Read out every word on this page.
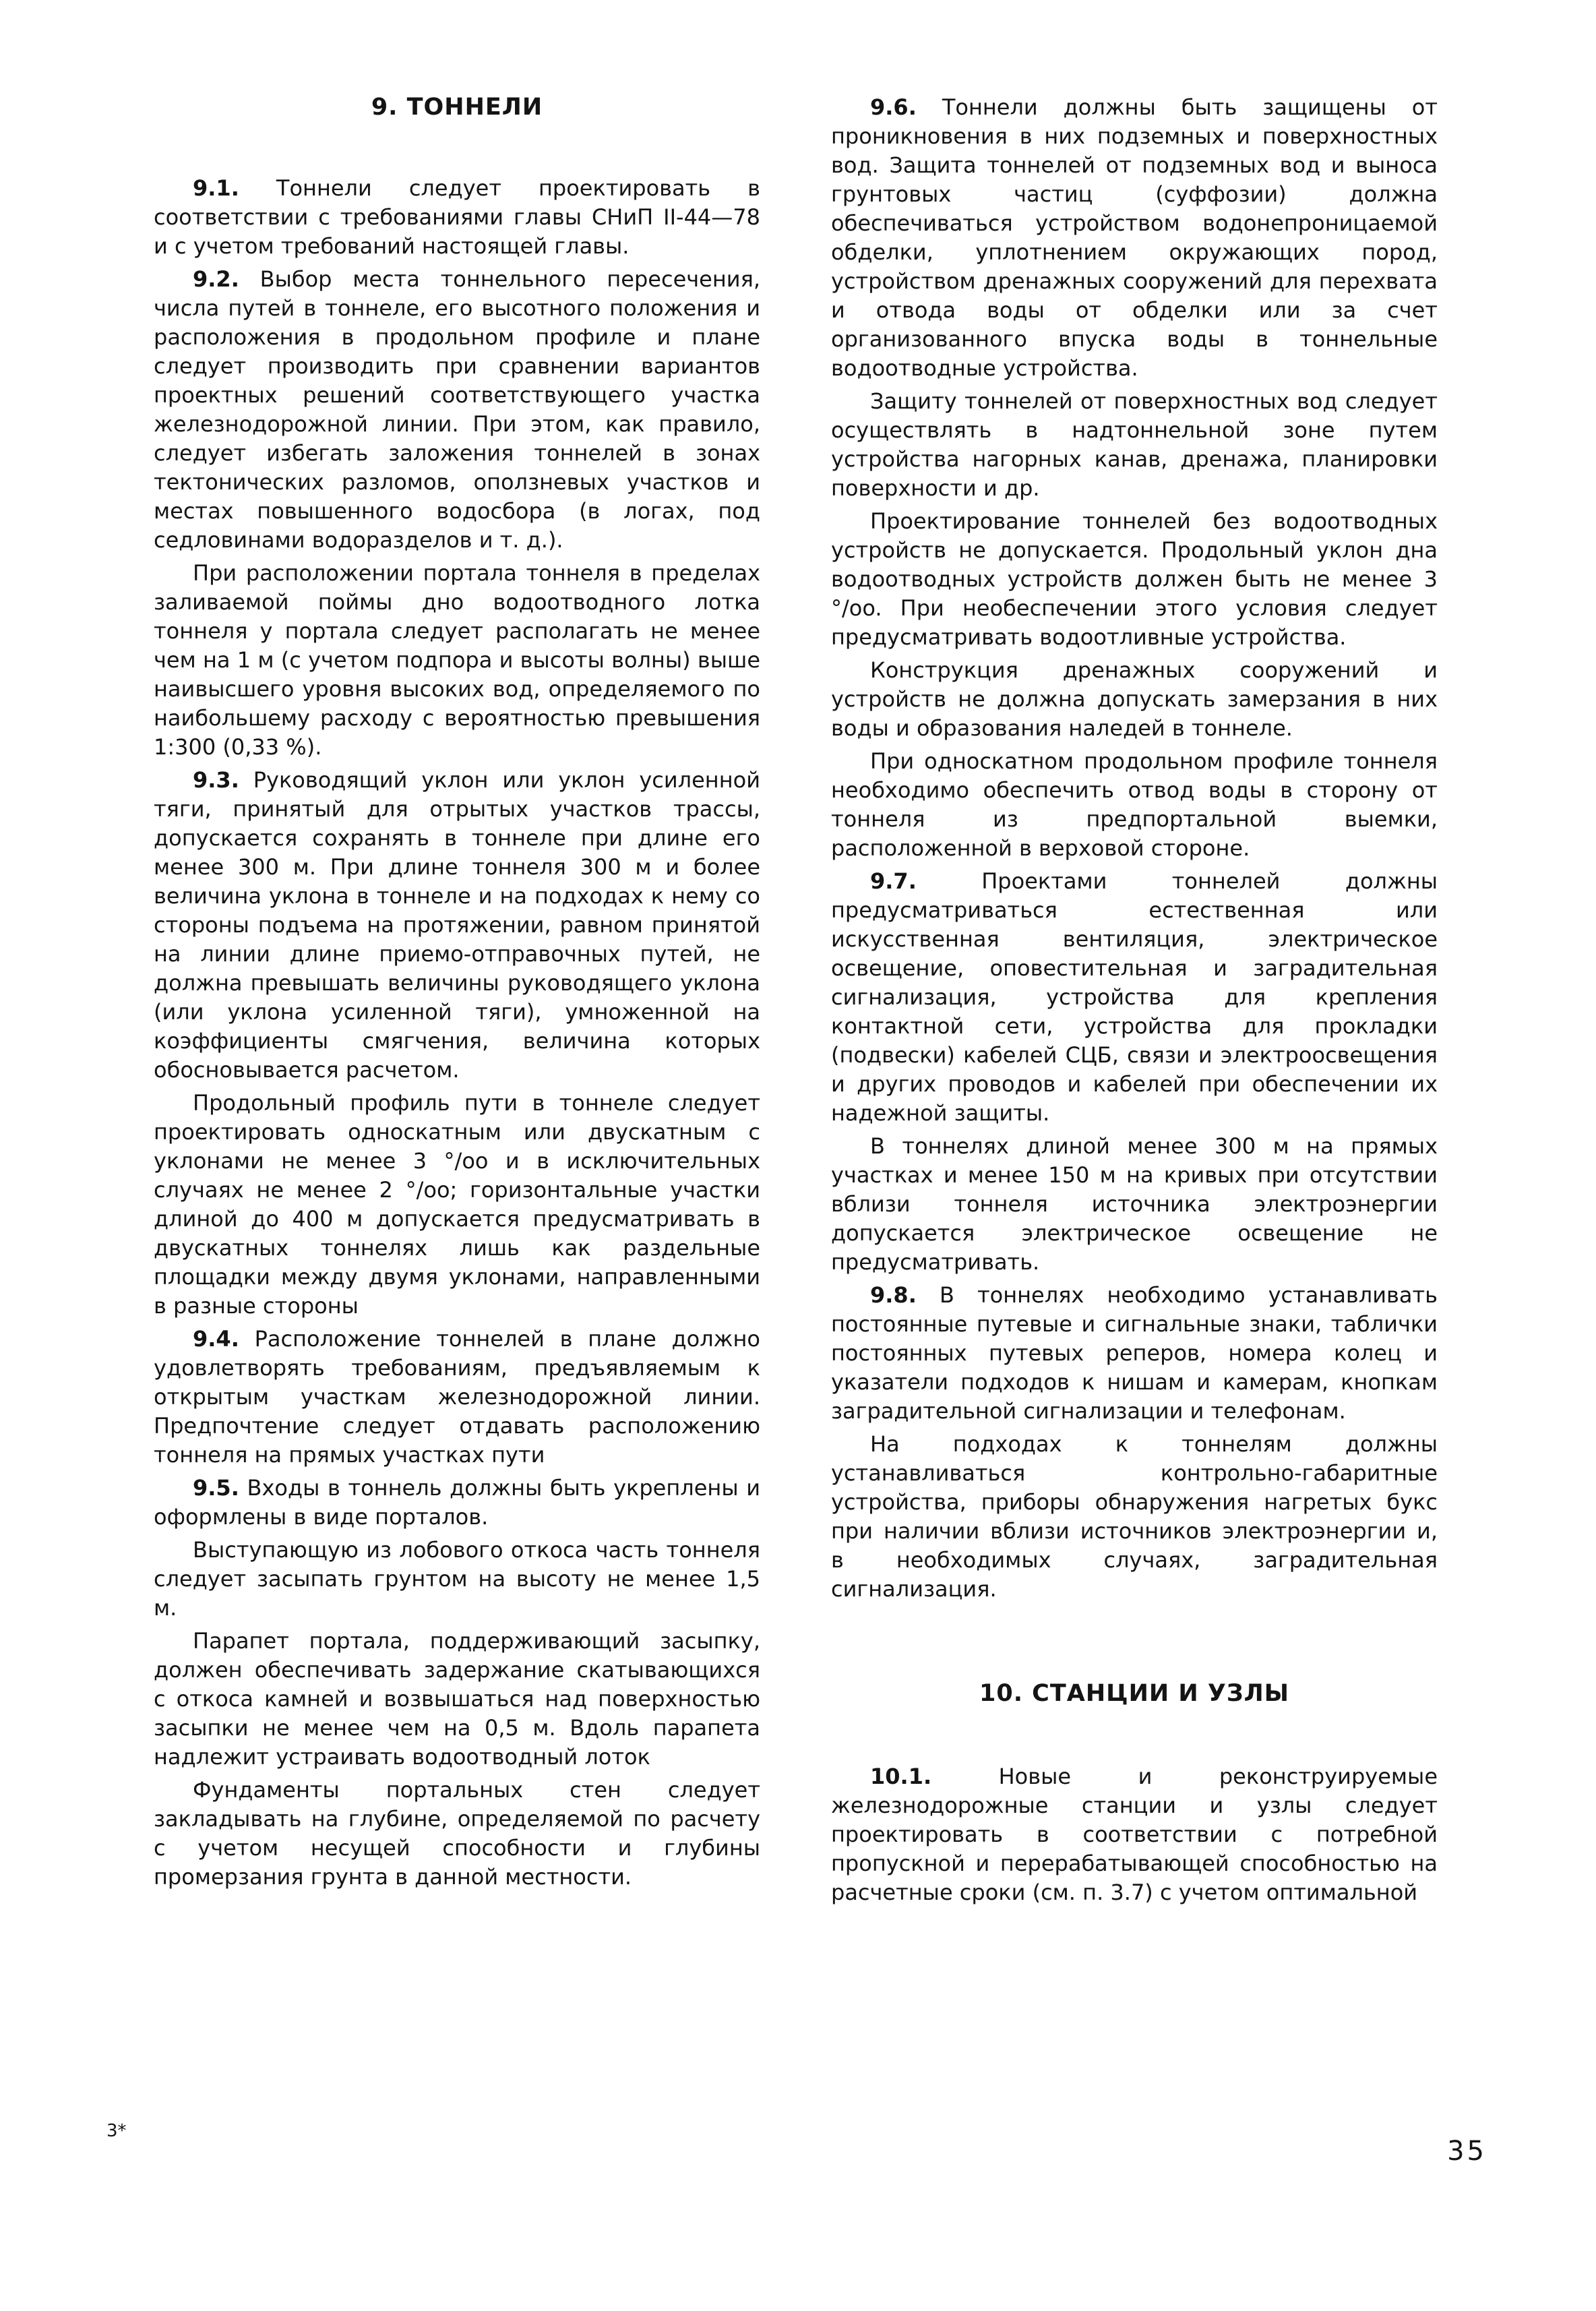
9. ТОННЕЛИ

9.1. Тоннели следует проектировать в соответствии с требованиями главы СНиП II-44—78 и с учетом требований настоящей главы.

9.2. Выбор места тоннельного пересечения, числа путей в тоннеле, его высотного положения и расположения в продольном профиле и плане следует производить при сравнении вариантов проектных решений соответствующего участка железнодорожной линии. При этом, как правило, следует избегать заложения тоннелей в зонах тектонических разломов, оползневых участков и местах повышенного водосбора (в логах, под седловинами водоразделов и т. д.).

При расположении портала тоннеля в пределах заливаемой поймы дно водоотводного лотка тоннеля у портала следует располагать не менее чем на 1 м (с учетом подпора и высоты волны) выше наивысшего уровня высоких вод, определяемого по наибольшему расходу с вероятностью превышения 1:300 (0,33 %).

9.3. Руководящий уклон или уклон усиленной тяги, принятый для отрытых участков трассы, допускается сохранять в тоннеле при длине его менее 300 м. При длине тоннеля 300 м и более величина уклона в тоннеле и на подходах к нему со стороны подъема на протяжении, равном принятой на линии длине приемо-отправочных путей, не должна превышать величины руководящего уклона (или уклона усиленной тяги), умноженной на коэффициенты смягчения, величина которых обосновывается расчетом.

Продольный профиль пути в тоннеле следует проектировать односкатным или двускатным с уклонами не менее 3 °/oo и в исключительных случаях не менее 2 °/oo; горизонтальные участки длиной до 400 м допускается предусматривать в двускатных тоннелях лишь как раздельные площадки между двумя уклонами, направленными в разные стороны

9.4. Расположение тоннелей в плане должно удовлетворять требованиям, предъявляемым к открытым участкам железнодорожной линии. Предпочтение следует отдавать расположению тоннеля на прямых участках пути

9.5. Входы в тоннель должны быть укреплены и оформлены в виде порталов.

Выступающую из лобового откоса часть тоннеля следует засыпать грунтом на высоту не менее 1,5 м.

Парапет портала, поддерживающий засыпку, должен обеспечивать задержание скатывающихся с откоса камней и возвышаться над поверхностью засыпки не менее чем на 0,5 м. Вдоль парапета надлежит устраивать водоотводный лоток

Фундаменты портальных стен следует закладывать на глубине, определяемой по расчету с учетом несущей способности и глубины промерзания грунта в данной местности.

9.6. Тоннели должны быть защищены от проникновения в них подземных и поверхностных вод. Защита тоннелей от подземных вод и выноса грунтовых частиц (суффозии) должна обеспечиваться устройством водонепроницаемой обделки, уплотнением окружающих пород, устройством дренажных сооружений для перехвата и отвода воды от обделки или за счет организованного впуска воды в тоннельные водоотводные устройства.

Защиту тоннелей от поверхностных вод следует осуществлять в надтоннельной зоне путем устройства нагорных канав, дренажа, планировки поверхности и др.

Проектирование тоннелей без водоотводных устройств не допускается. Продольный уклон дна водоотводных устройств должен быть не менее 3 °/oo. При необеспечении этого условия следует предусматривать водоотливные устройства.

Конструкция дренажных сооружений и устройств не должна допускать замерзания в них воды и образования наледей в тоннеле.

При односкатном продольном профиле тоннеля необходимо обеспечить отвод воды в сторону от тоннеля из предпортальной выемки, расположенной в верховой стороне.

9.7.	Проектами тоннелей должны предусматриваться естественная или искусственная вентиляция, электрическое освещение, оповестительная и заградительная сигнализация, устройства для крепления контактной сети, устройства для прокладки (подвески) кабелей СЦБ, связи и электроосвещения и других проводов и кабелей при обеспечении их надежной защиты.

В тоннелях длиной менее 300 м на прямых участках и менее 150 м на кривых при отсутствии вблизи тоннеля источника электроэнергии допускается электрическое освещение не предусматривать.

9.8. В тоннелях необходимо устанавливать постоянные путевые и сигнальные знаки, таблички постоянных путевых реперов, номера колец и указатели подходов к нишам и камерам, кнопкам заградительной сигнализации и телефонам.

На подходах к тоннелям должны устанавливаться контрольно-габаритные устройства, приборы обнаружения нагретых букс при наличии вблизи источников электроэнергии и, в необходимых случаях, заградительная сигнализация.

10. СТАНЦИИ И УЗЛЫ

10.1.	Новые и реконструируемые железнодорожные станции и узлы следует проектировать в соответствии с потребной пропускной и перерабатывающей способностью на расчетные сроки (см. п. 3.7) с учетом оптимальной

3*
35
